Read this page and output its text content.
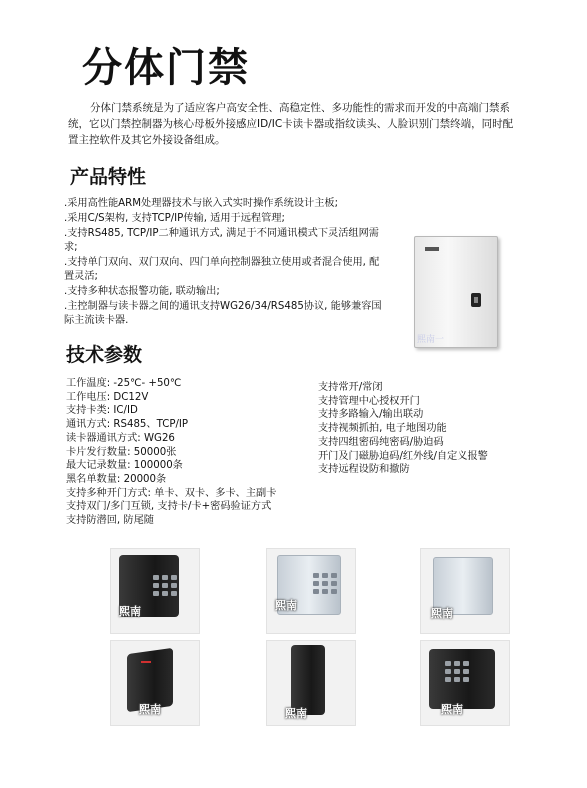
分体门禁

分体门禁系统是为了适应客户高安全性、高稳定性、多功能性的需求而开发的中高端门禁系统，它以门禁控制器为核心母板外接感应ID/IC卡读卡器或指纹读头、人脸识别门禁终端，同时配置主控软件及其它外接设备组成。

产品特性
.采用高性能ARM处理器技术与嵌入式实时操作系统设计主板;
.采用C/S架构, 支持TCP/IP传输, 适用于远程管理;
.支持RS485, TCP/IP二种通讯方式, 满足于不同通讯模式下灵活组网需求;
.支持单门双向、双门双向、四门单向控制器独立使用或者混合使用, 配置灵活;
.支持多种状态报警功能, 联动输出;
.主控制器与读卡器之间的通讯支持WG26/34/RS485协议, 能够兼容国际主流读卡器.
熙南一
技术参数
工作温度: -25℃- +50℃
工作电压: DC12V
支持卡类: IC/ID
通讯方式: RS485、TCP/IP
读卡器通讯方式: WG26
卡片发行数量: 50000张
最大记录数量: 100000条
黑名单数量: 20000条
支持多种开门方式: 单卡、双卡、多卡、主副卡
支持双门/多门互锁, 支持卡/卡+密码验证方式
支持防潜回, 防尾随
支持常开/常闭
支持管理中心授权开门
支持多路输入/输出联动
支持视频抓拍, 电子地图功能
支持四组密码纯密码/胁迫码
开门及门磁胁迫码/红外线/自定义报警
支持远程设防和撤防
熙南	熙南
熙南
熙南	熙南	熙南
